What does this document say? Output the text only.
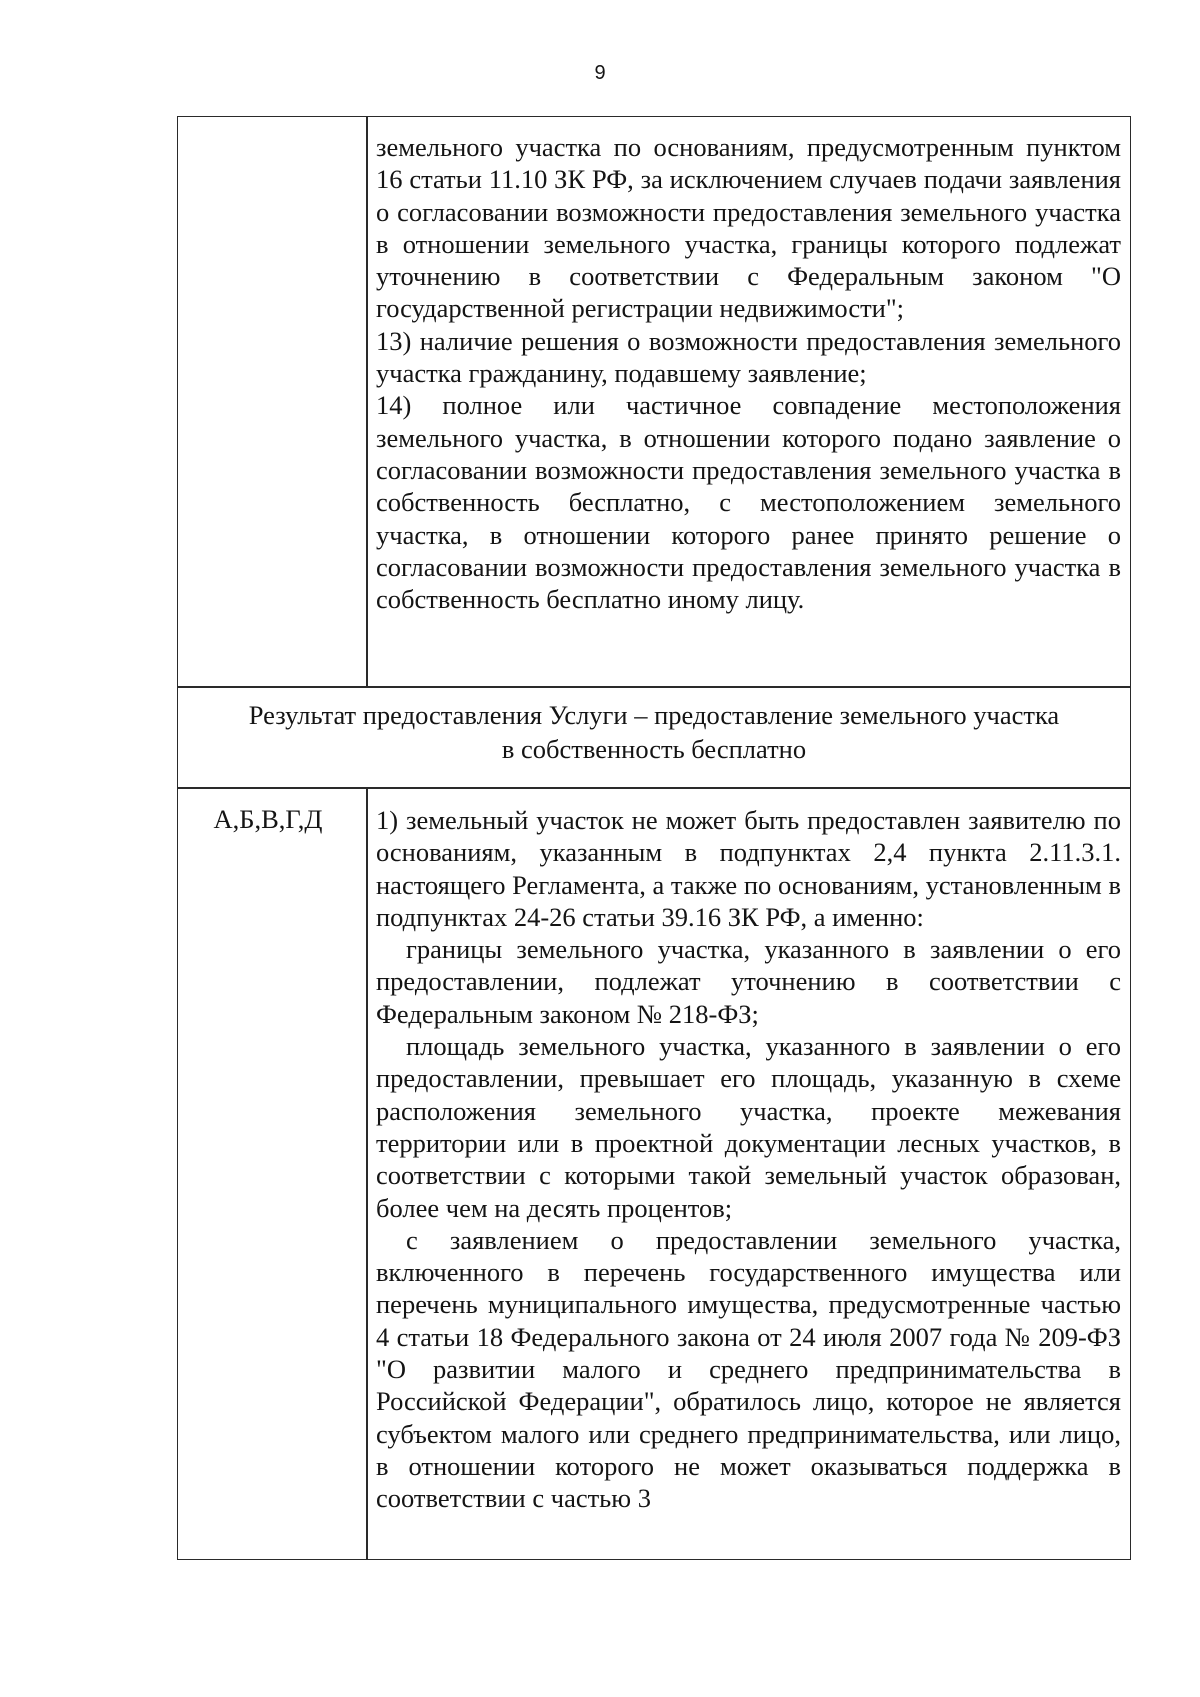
9

земельного участка по основаниям, предусмотренным пунктом 16 статьи 11.10 ЗК РФ, за исключением случаев подачи заявления о согласовании возможности предоставления земельного участка в отношении земельного участка, границы которого подлежат уточнению в соответствии с Федеральным законом "О государственной регистрации недвижимости";

13) наличие решения о возможности предоставления земельного участка гражданину, подавшему заявление;

14) полное или частичное совпадение местоположения земельного участка, в отношении которого подано заявление о согласовании возможности предоставления земельного участка в собственность бесплатно, с местоположением земельного участка, в отношении которого ранее принято решение о согласовании возможности предоставления земельного участка в собственность бесплатно иному лицу.

Результат предоставления Услуги – предоставление земельного участка
в собственность бесплатно
А,Б,В,Г,Д	1) земельный участок не может быть предоставлен заявителю по основаниям, указанным в подпунктах 2,4 пункта 2.11.3.1. настоящего Регламента, а также по основаниям, установленным в подпунктах 24-26 статьи 39.16 ЗК РФ, а именно:

границы земельного участка, указанного в заявлении о его предоставлении, подлежат уточнению в соответствии с Федеральным законом № 218-ФЗ;

площадь земельного участка, указанного в заявлении о его предоставлении, превышает его площадь, указанную в схеме расположения земельного участка, проекте межевания территории или в проектной документации лесных участков, в соответствии с которыми такой земельный участок образован, более чем на десять процентов;

с заявлением о предоставлении земельного участка, включенного в перечень государственного имущества или перечень муниципального имущества, предусмотренные частью 4 статьи 18 Федерального закона от 24 июля 2007 года № 209-ФЗ "О развитии малого и среднего предпринимательства в Российской Федерации", обратилось лицо, которое не является субъектом малого или среднего предпринимательства, или лицо, в отношении которого не может оказываться поддержка в соответствии с частью 3
